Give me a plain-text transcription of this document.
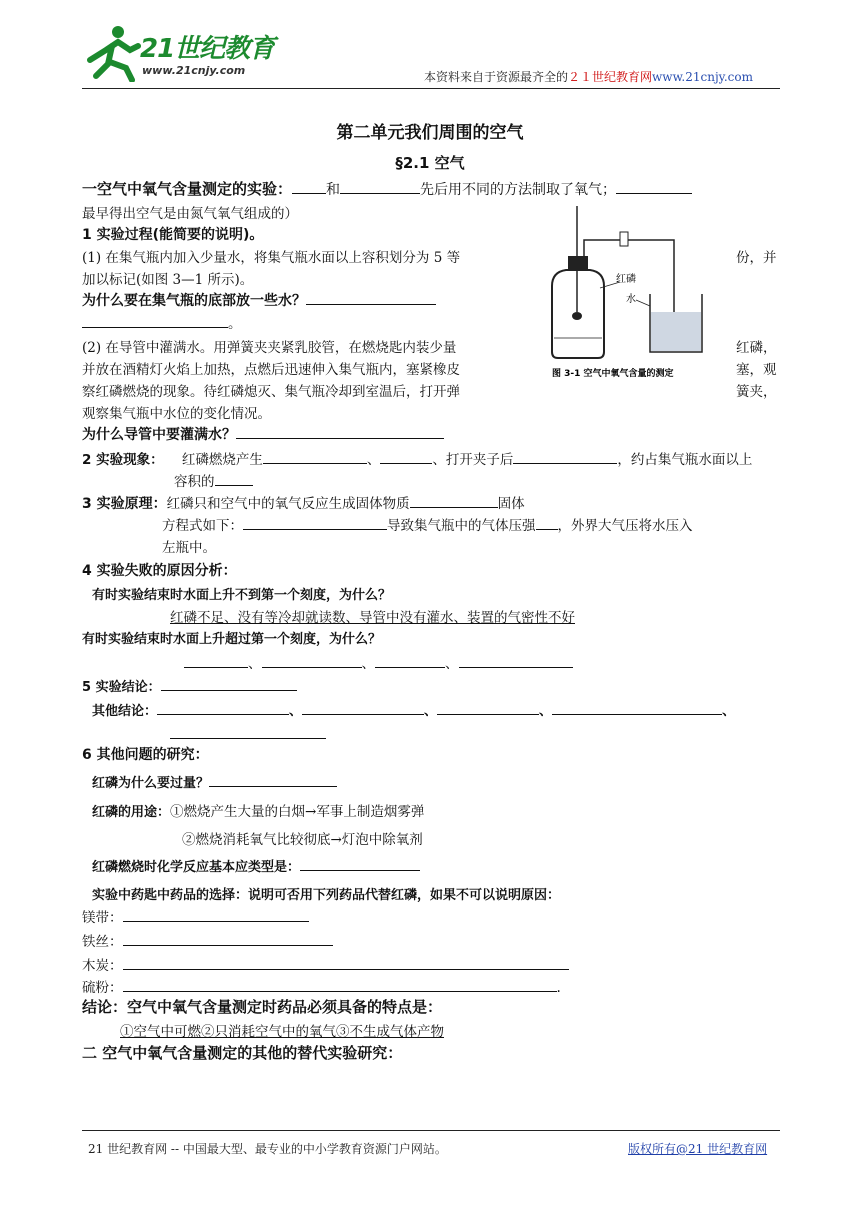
21世纪教育
www.21cnjy.com	本资料来自于资源最齐全的２１世纪教育网www.21cnjy.com
第二单元我们周围的空气
§2.1 空气
一空气中氧气含量测定的实验： 和	先后用不同的方法制取了氧气；
最早得出空气是由氮气氧气组成的）
1 实验过程(能简要的说明)。
(1) 在集气瓶内加入少量水，将集气瓶水面以上容积划分为 5 等	份，并
加以标记(如图 3—1 所示)。
为什么要在集气瓶的底部放一些水？
。
(2) 在导管中灌满水。用弹簧夹夹紧乳胶管，在燃烧匙内装少量	红磷，
并放在酒精灯火焰上加热，点燃后迅速伸入集气瓶内，塞紧橡皮	塞，观
察红磷燃烧的现象。待红磷熄灭、集气瓶冷却到室温后，打开弹	簧夹，
观察集气瓶中水位的变化情况。
为什么导管中要灌满水？
红磷
水
图 3-1 空气中氧气含量的测定
2 实验现象： 红磷燃烧产生	、	、打开夹子后	，约占集气瓶水面以上
容积的
3 实验原理：红磷只和空气中的氧气反应生成固体物质	固体
方程式如下：	导致集气瓶中的气体压强 ，外界大气压将水压入
左瓶中。
4 实验失败的原因分析：
有时实验结束时水面上升不到第一个刻度，为什么？
红磷不足、没有等冷却就读数、导管中没有灌水、装置的气密性不好
有时实验结束时水面上升超过第一个刻度，为什么？
、	、	、
5 实验结论：
其他结论：	、	、	、	、
6 其他问题的研究：
红磷为什么要过量？
红磷的用途：①燃烧产生大量的白烟→军事上制造烟雾弹
②燃烧消耗氧气比较彻底→灯泡中除氧剂
红磷燃烧时化学反应基本应类型是：
实验中药匙中药品的选择：说明可否用下列药品代替红磷，如果不可以说明原因：
镁带：
铁丝：
木炭：
硫粉：	.
结论：空气中氧气含量测定时药品必须具备的特点是：
①空气中可燃②只消耗空气中的氧气③不生成气体产物
二 空气中氧气含量测定的其他的替代实验研究：
21 世纪教育网 -- 中国最大型、最专业的中小学教育资源门户网站。	版权所有@21 世纪教育网
